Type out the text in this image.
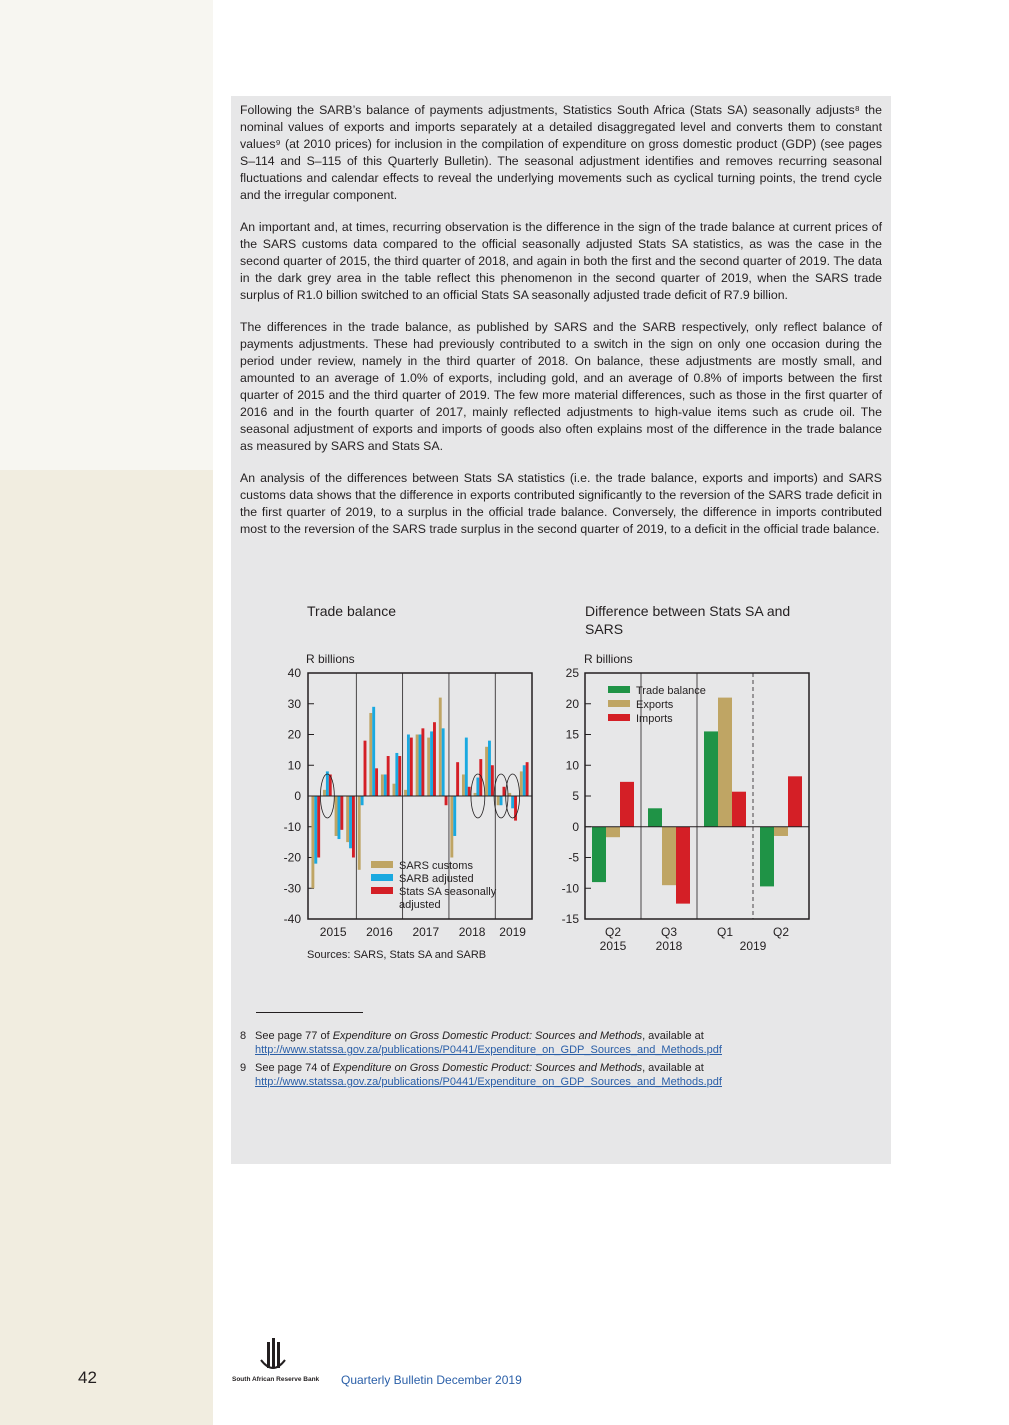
Following the SARB’s balance of payments adjustments, Statistics South Africa (Stats SA) seasonally adjusts⁸ the nominal values of exports and imports separately at a detailed disaggregated level and converts them to constant values⁹ (at 2010 prices) for inclusion in the compilation of expenditure on gross domestic product (GDP) (see pages S–114 and S–115 of this Quarterly Bulletin). The seasonal adjustment identifies and removes recurring seasonal fluctuations and calendar effects to reveal the underlying movements such as cyclical turning points, the trend cycle and the irregular component.

An important and, at times, recurring observation is the difference in the sign of the trade balance at current prices of the SARS customs data compared to the official seasonally adjusted Stats SA statistics, as was the case in the second quarter of 2015, the third quarter of 2018, and again in both the first and the second quarter of 2019. The data in the dark grey area in the table reflect this phenomenon in the second quarter of 2019, when the SARS trade surplus of R1.0 billion switched to an official Stats SA seasonally adjusted trade deficit of R7.9 billion.

The differences in the trade balance, as published by SARS and the SARB respectively, only reflect balance of payments adjustments. These had previously contributed to a switch in the sign on only one occasion during the period under review, namely in the third quarter of 2018. On balance, these adjustments are mostly small, and amounted to an average of 1.0% of exports, including gold, and an average of 0.8% of imports between the first quarter of 2015 and the third quarter of 2019. The few more material differences, such as those in the first quarter of 2016 and in the fourth quarter of 2017, mainly reflected adjustments to high-value items such as crude oil. The seasonal adjustment of exports and imports of goods also often explains most of the difference in the trade balance as measured by SARS and Stats SA.

An analysis of the differences between Stats SA statistics (i.e. the trade balance, exports and imports) and SARS customs data shows that the difference in exports contributed significantly to the reversion of the SARS trade deficit in the first quarter of 2019, to a surplus in the official trade balance. Conversely, the difference in imports contributed most to the reversion of the SARS trade surplus in the second quarter of 2019, to a deficit in the official trade balance.

Trade balance	Difference between Stats SA and SARS
R billions
40
30
20
10
0
-10
-20
-30
-40
2015 2016 2017 2018 2019
SARS customs
SARB adjusted
Stats SA seasonally adjusted
R billions
25
20
15
10
5
0
-5
-10
-15
Q2	Q3	Q1	Q2
2015 2018	2019
Trade balance
Exports
Imports
Sources: SARS, Stats SA and SARB
8 See page 77 of Expenditure on Gross Domestic Product: Sources and Methods, available at
http://www.statssa.gov.za/publications/P0441/Expenditure_on_GDP_Sources_and_Methods.pdf
9 See page 74 of Expenditure on Gross Domestic Product: Sources and Methods, available at
http://www.statssa.gov.za/publications/P0441/Expenditure_on_GDP_Sources_and_Methods.pdf
42	South African Reserve Bank Quarterly Bulletin December 2019
